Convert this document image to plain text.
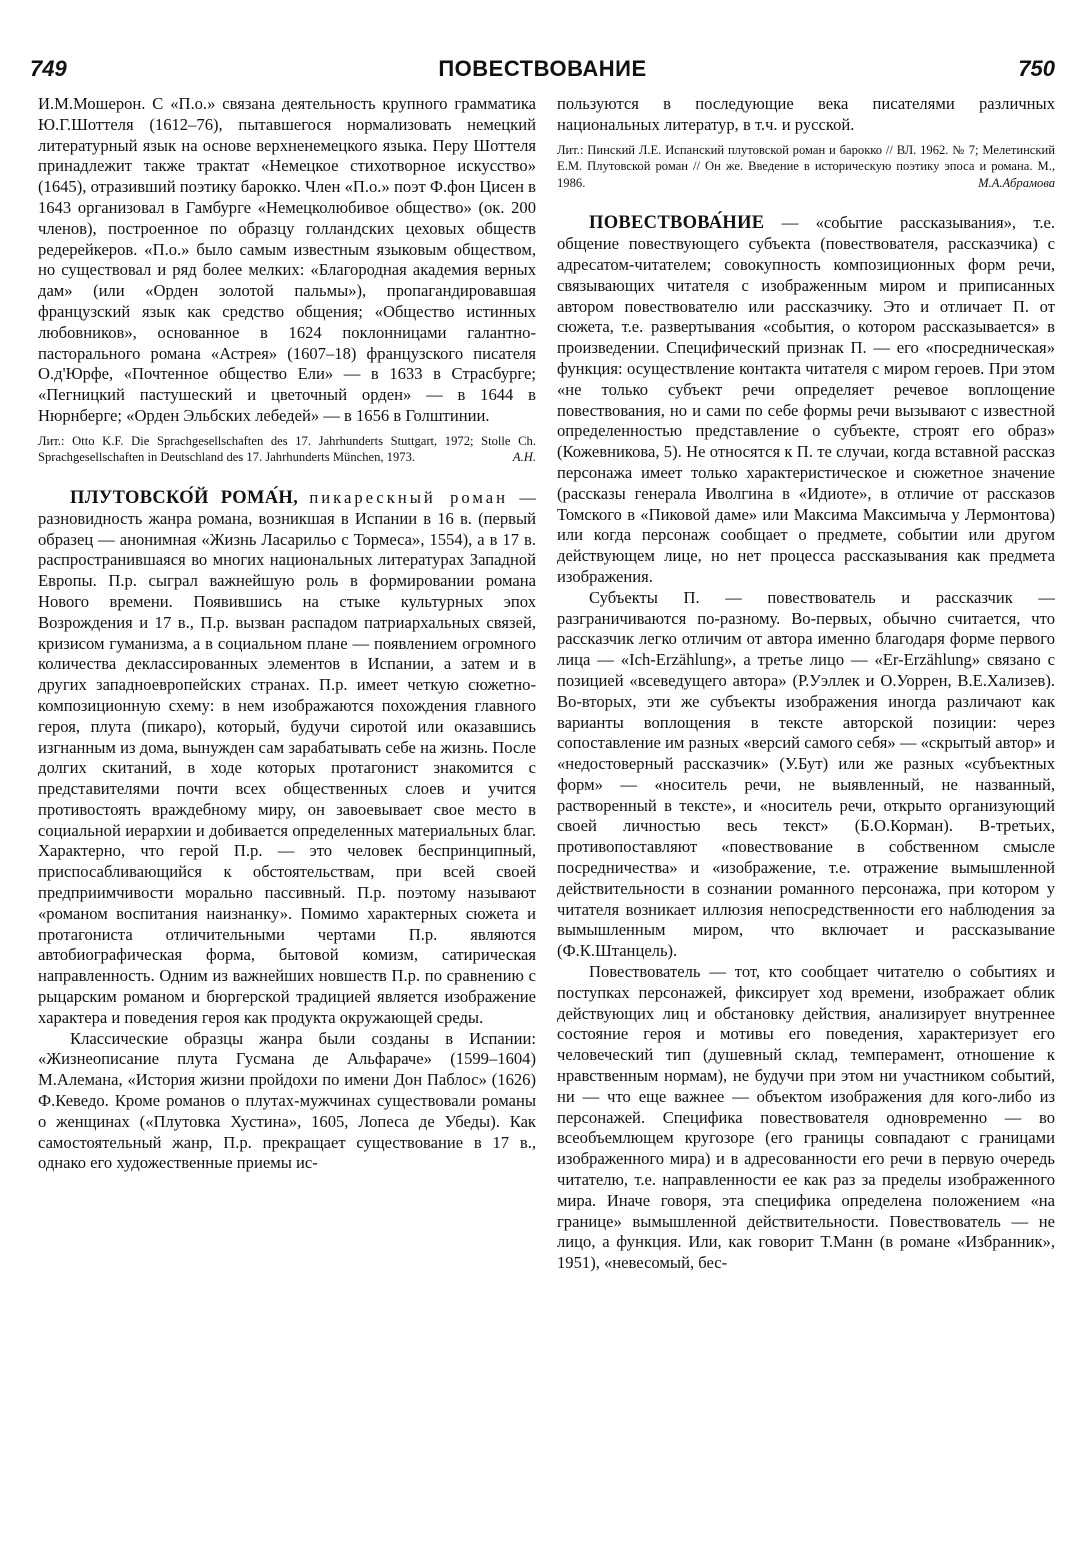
749	ПОВЕСТВОВАНИЕ	750

И.М.Мошерон. С «П.о.» связана деятельность крупного грамматика Ю.Г.Шоттеля (1612–76), пытавшегося нормализовать немецкий литературный язык на основе верхненемецкого языка. Перу Шоттеля принадлежит также трактат «Немецкое стихотворное искусство» (1645), отразивший поэтику барокко. Член «П.о.» поэт Ф.фон Цисен в 1643 организовал в Гамбурге «Немецколюбивое общество» (ок. 200 членов), построенное по образцу голландских цеховых обществ редерейкеров. «П.о.» было самым известным языковым обществом, но существовал и ряд более мелких: «Благородная академия верных дам» (или «Орден золотой пальмы»), пропагандировавшая французский язык как средство общения; «Общество истинных любовников», основанное в 1624 поклонницами галантно-пасторального романа «Астрея» (1607–18) французского писателя О.д'Юрфе, «Почтенное общество Ели» — в 1633 в Страсбурге; «Пегницкий пастушеский и цветочный орден» — в 1644 в Нюрнберге; «Орден Эльбских лебедей» — в 1656 в Голштинии.

Лит.: Otto K.F. Die Sprachgesellschaften des 17. Jahrhunderts Stuttgart, 1972; Stolle Ch. Sprachgesellschaften in Deutschland des 17. Jahrhunderts München, 1973.	А.Н.

ПЛУТОВСКО́Й РОМА́Н, пикарескный роман — разновидность жанра романа, возникшая в Испании в 16 в. (первый образец — анонимная «Жизнь Ласарильо с Тормеса», 1554), а в 17 в. распространившаяся во многих национальных литературах Западной Европы. П.р. сыграл важнейшую роль в формировании романа Нового времени. Появившись на стыке культурных эпох Возрождения и 17 в., П.р. вызван распадом патриархальных связей, кризисом гуманизма, а в социальном плане — появлением огромного количества деклассированных элементов в Испании, а затем и в других западноевропейских странах. П.р. имеет четкую сюжетно-композиционную схему: в нем изображаются похождения главного героя, плута (пикаро), который, будучи сиротой или оказавшись изгнанным из дома, вынужден сам зарабатывать себе на жизнь. После долгих скитаний, в ходе которых протагонист знакомится с представителями почти всех общественных слоев и учится противостоять враждебному миру, он завоевывает свое место в социальной иерархии и добивается определенных материальных благ. Характерно, что герой П.р. — это человек беспринципный, приспосабливающийся к обстоятельствам, при всей своей предприимчивости морально пассивный. П.р. поэтому называют «романом воспитания наизнанку». Помимо характерных сюжета и протагониста отличительными чертами П.р. являются автобиографическая форма, бытовой комизм, сатирическая направленность. Одним из важнейших новшеств П.р. по сравнению с рыцарским романом и бюргерской традицией является изображение характера и поведения героя как продукта окружающей среды.

Классические образцы жанра были созданы в Испании: «Жизнеописание плута Гусмана де Альфараче» (1599–1604) М.Алемана, «История жизни пройдохи по имени Дон Паблос» (1626) Ф.Кеведо. Кроме романов о плутах-мужчинах существовали романы о женщинах («Плутовка Хустина», 1605, Лопеса де Убеды). Как самостоятельный жанр, П.р. прекращает существование в 17 в., однако его художественные приемы ис-

пользуются в последующие века писателями различных национальных литератур, в т.ч. и русской.

Лит.: Пинский Л.Е. Испанский плутовской роман и барокко // ВЛ. 1962. № 7; Мелетинский Е.М. Плутовской роман // Он же. Введение в историческую поэтику эпоса и романа. М., 1986.	М.А.Абрамова

ПОВЕСТВОВА́НИЕ — «событие рассказывания», т.е. общение повествующего субъекта (повествователя, рассказчика) с адресатом-читателем; совокупность композиционных форм речи, связывающих читателя с изображенным миром и приписанных автором повествователю или рассказчику. Это и отличает П. от сюжета, т.е. развертывания «события, о котором рассказывается» в произведении. Специфический признак П. — его «посредническая» функция: осуществление контакта читателя с миром героев. При этом «не только субъект речи определяет речевое воплощение повествования, но и сами по себе формы речи вызывают с известной определенностью представление о субъекте, строят его образ» (Кожевникова, 5). Не относятся к П. те случаи, когда вставной рассказ персонажа имеет только характеристическое и сюжетное значение (рассказы генерала Иволгина в «Идиоте», в отличие от рассказов Томского в «Пиковой даме» или Максима Максимыча у Лермонтова) или когда персонаж сообщает о предмете, событии или другом действующем лице, но нет процесса рассказывания как предмета изображения.

Субъекты П. — повествователь и рассказчик — разграничиваются по-разному. Во-первых, обычно считается, что рассказчик легко отличим от автора именно благодаря форме первого лица — «Ich-Erzählung», а третье лицо — «Er-Erzählung» связано с позицией «всеведущего автора» (Р.Уэллек и О.Уоррен, В.Е.Хализев). Во-вторых, эти же субъекты изображения иногда различают как варианты воплощения в тексте авторской позиции: через сопоставление им разных «версий самого себя» — «скрытый автор» и «недостоверный рассказчик» (У.Бут) или же разных «субъектных форм» — «носитель речи, не выявленный, не названный, растворенный в тексте», и «носитель речи, открыто организующий своей личностью весь текст» (Б.О.Корман). В-третьих, противопоставляют «повествование в собственном смысле посредничества» и «изображение, т.е. отражение вымышленной действительности в сознании романного персонажа, при котором у читателя возникает иллюзия непосредственности его наблюдения за вымышленным миром, что включает и рассказывание (Ф.К.Штанцель).

Повествователь — тот, кто сообщает читателю о событиях и поступках персонажей, фиксирует ход времени, изображает облик действующих лиц и обстановку действия, анализирует внутреннее состояние героя и мотивы его поведения, характеризует его человеческий тип (душевный склад, темперамент, отношение к нравственным нормам), не будучи при этом ни участником событий, ни — что еще важнее — объектом изображения для кого-либо из персонажей. Специфика повествователя одновременно — во всеобъемлющем кругозоре (его границы совпадают с границами изображенного мира) и в адресованности его речи в первую очередь читателю, т.е. направленности ее как раз за пределы изображенного мира. Иначе говоря, эта специфика определена положением «на границе» вымышленной действительности. Повествователь — не лицо, а функция. Или, как говорит Т.Манн (в романе «Избранник», 1951), «невесомый, бес-
